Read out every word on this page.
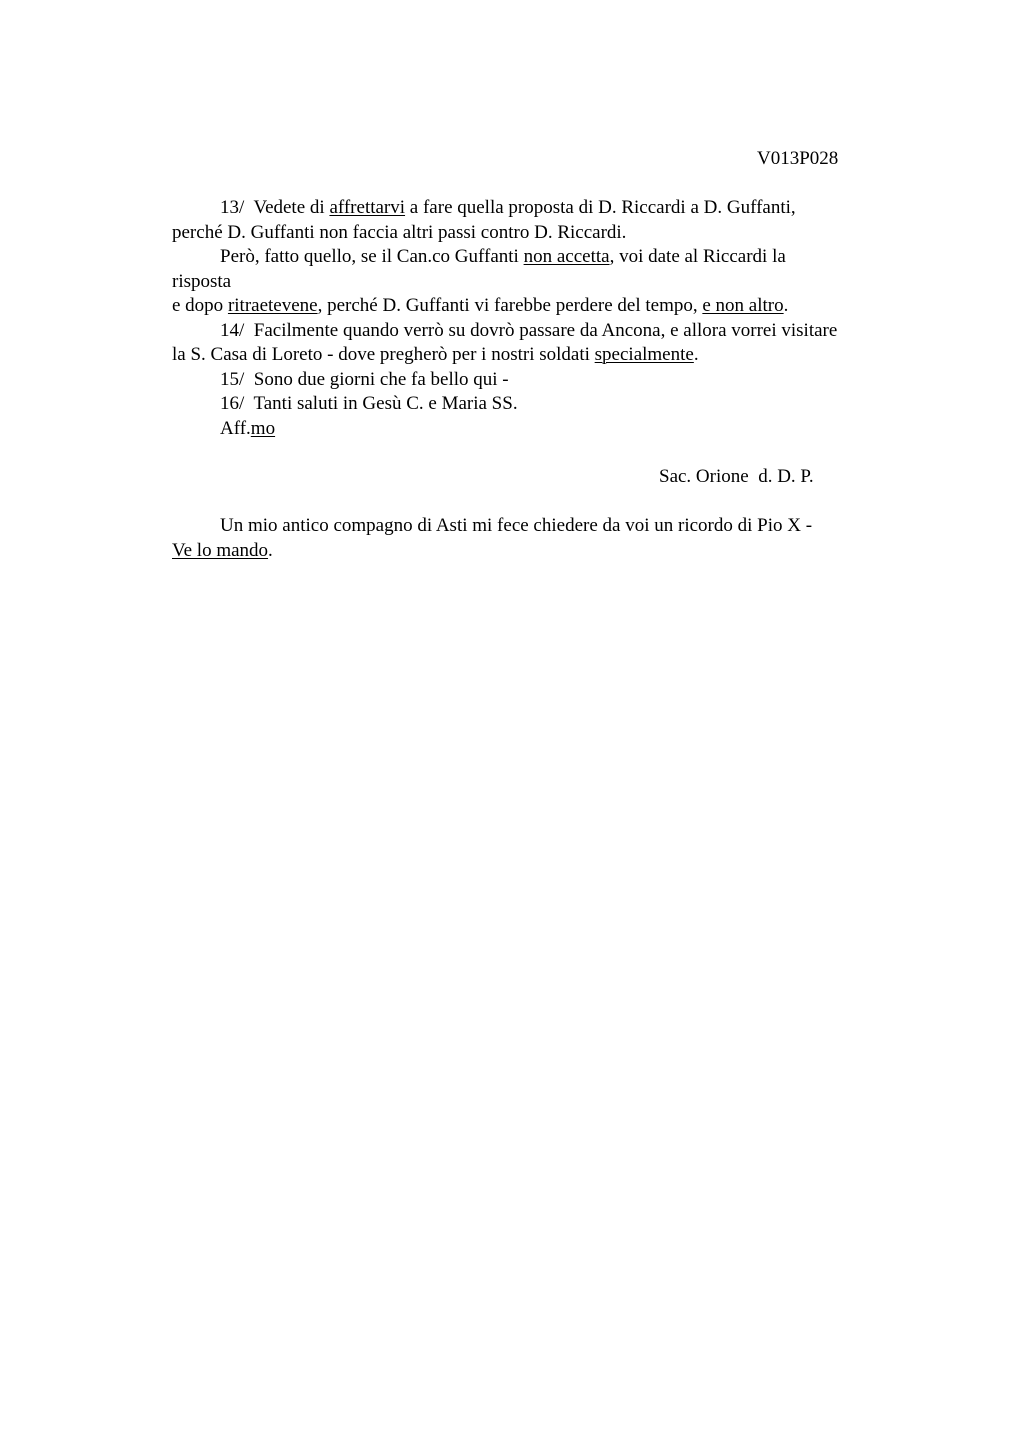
V013P028
13/ Vedete di affrettarvi a fare quella proposta di D. Riccardi a D. Guffanti,
perché D. Guffanti non faccia altri passi contro D. Riccardi.
Però, fatto quello, se il Can.co Guffanti non accetta, voi date al Riccardi la
risposta
e dopo ritraetevene, perché D. Guffanti vi farebbe perdere del tempo, e non altro.
14/ Facilmente quando verrò su dovrò passare da Ancona, e allora vorrei visitare
la S. Casa di Loreto - dove pregherò per i nostri soldati specialmente.
15/ Sono due giorni che fa bello qui -
16/ Tanti saluti in Gesù C. e Maria SS.
Aff.mo
Sac. Orione  d. D. P.
Un mio antico compagno di Asti mi fece chiedere da voi un ricordo di Pio X -
Ve lo mando.
